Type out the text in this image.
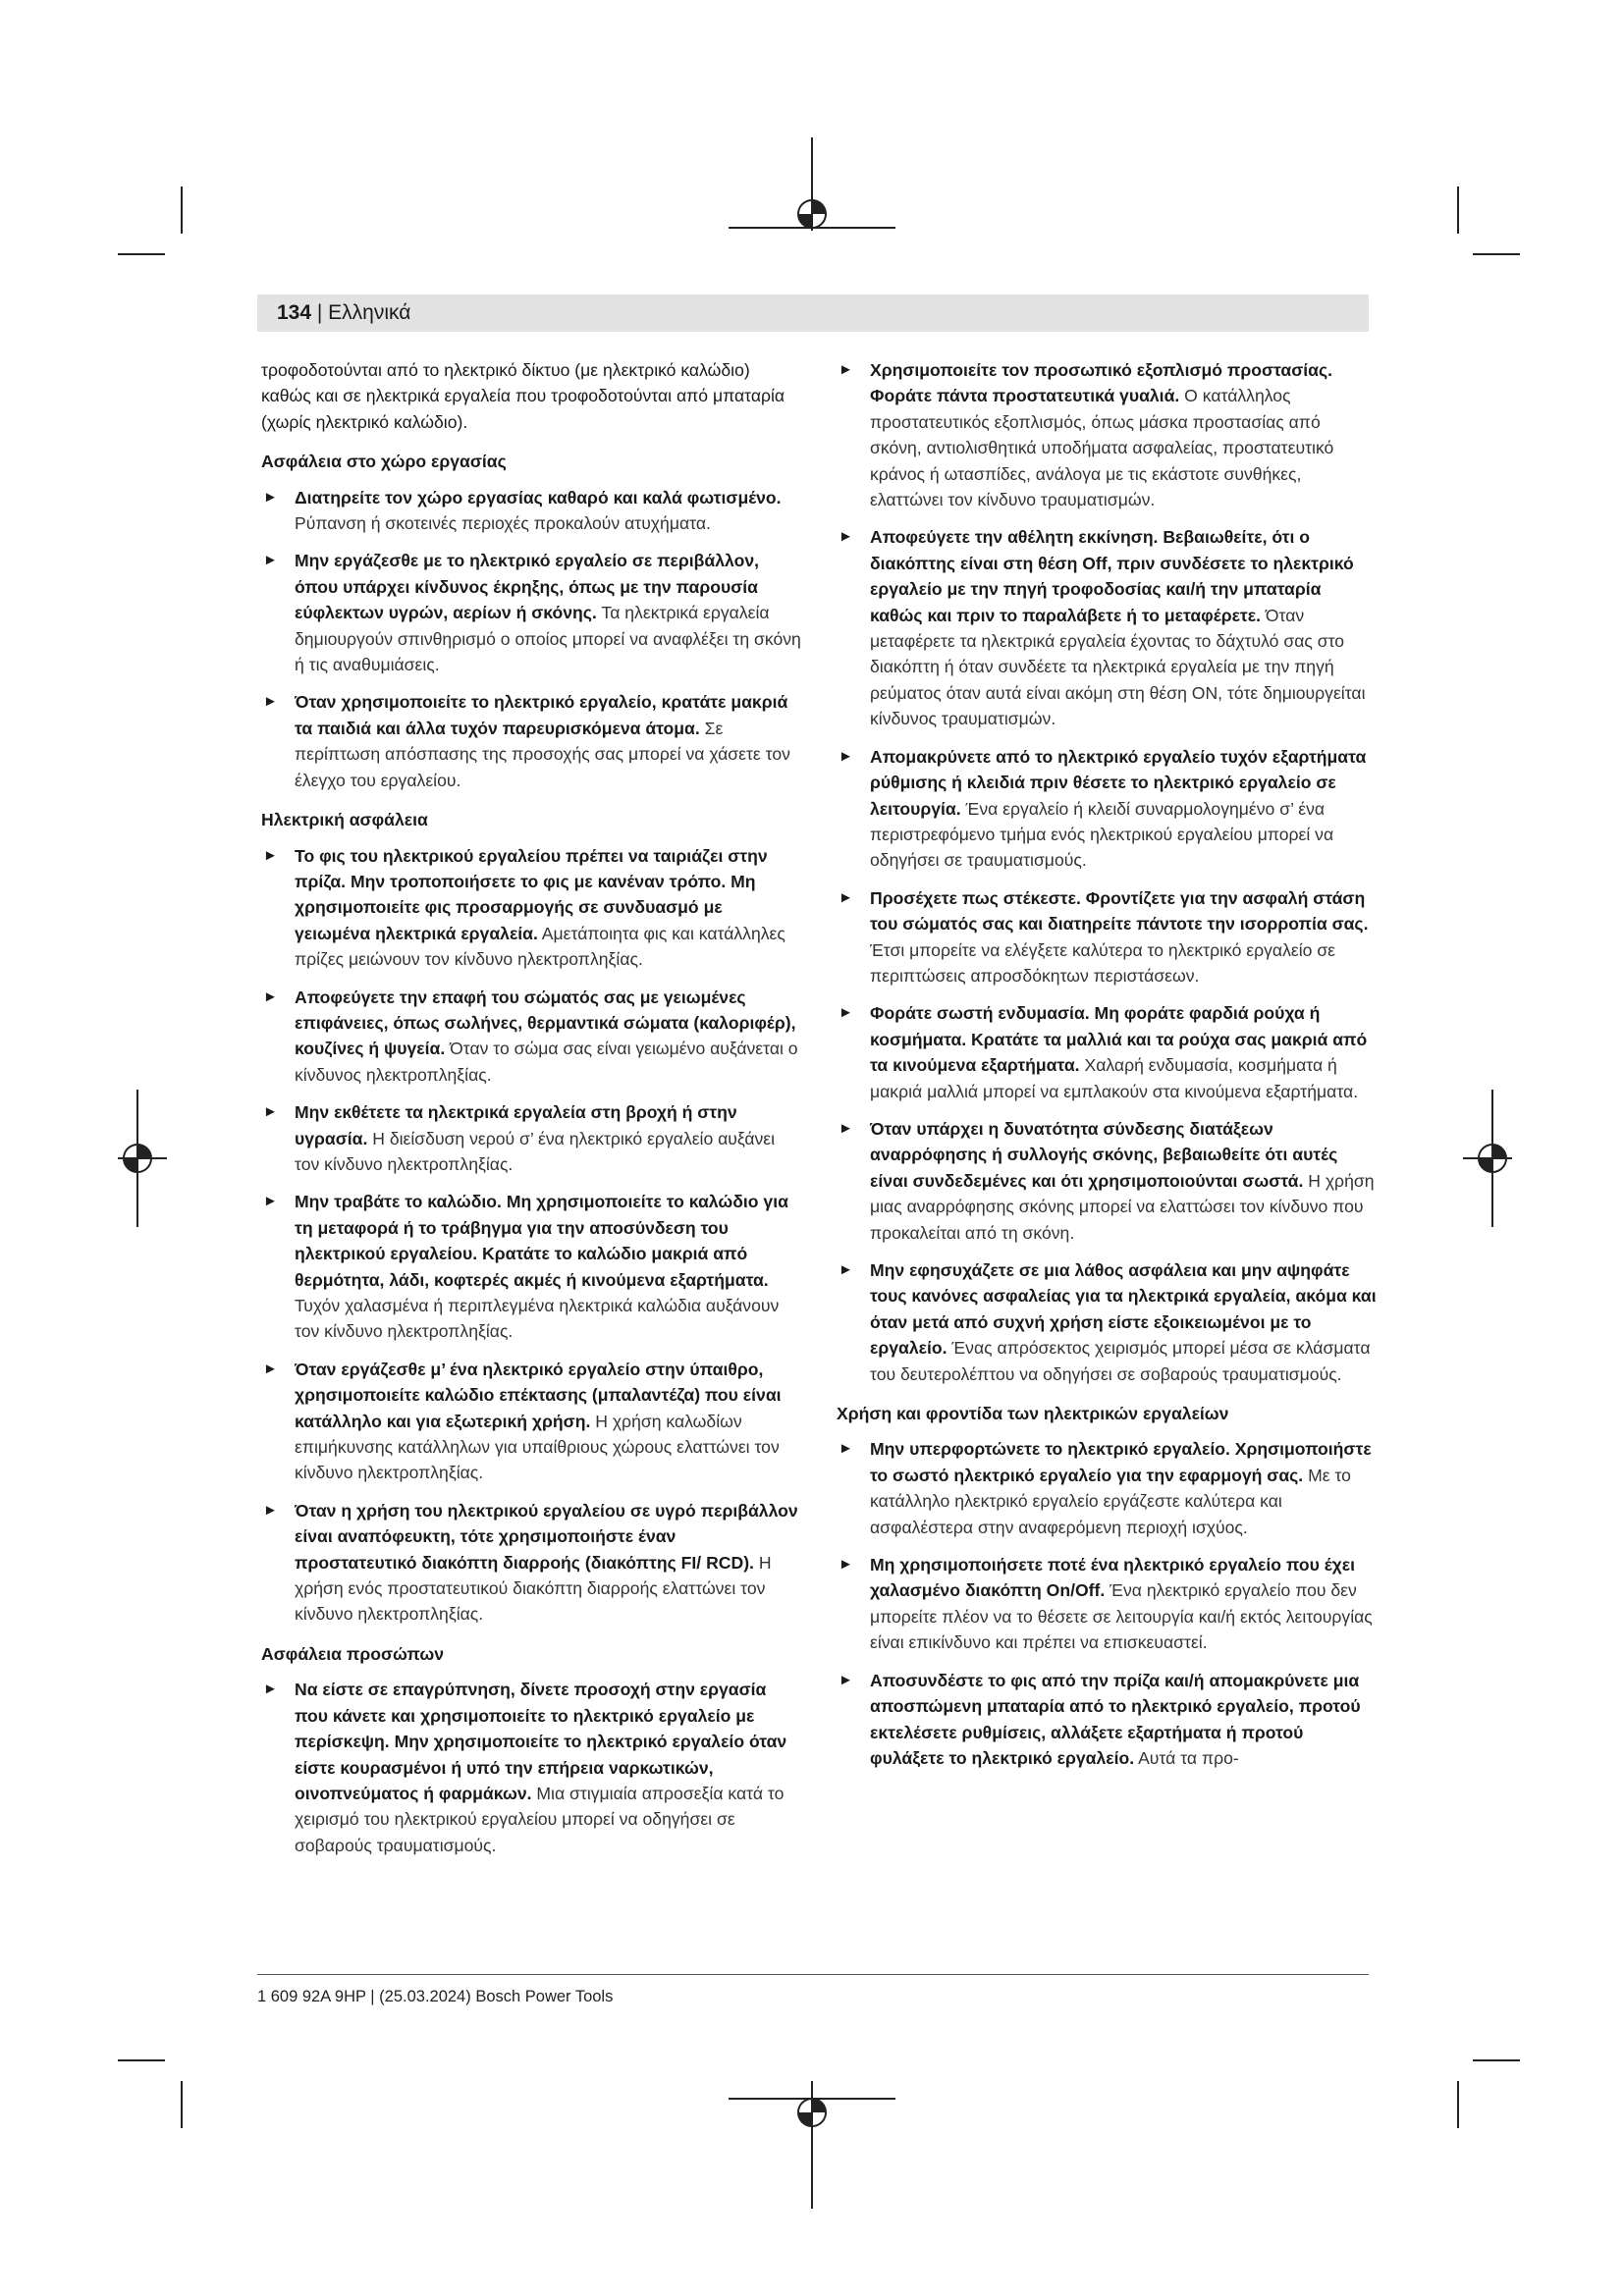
134 | Ελληνικά

τροφοδοτούνται από το ηλεκτρικό δίκτυο (με ηλεκτρικό καλώδιο) καθώς και σε ηλεκτρικά εργαλεία που τροφοδοτούνται από μπαταρία (χωρίς ηλεκτρικό καλώδιο).

Ασφάλεια στο χώρο εργασίας
► Διατηρείτε τον χώρο εργασίας καθαρό και καλά φωτισμένο. Ρύπανση ή σκοτεινές περιοχές προκαλούν ατυχήματα.
► Μην εργάζεσθε με το ηλεκτρικό εργαλείο σε περιβάλλον, όπου υπάρχει κίνδυνος έκρηξης, όπως με την παρουσία εύφλεκτων υγρών, αερίων ή σκόνης. Τα ηλεκτρικά εργαλεία δημιουργούν σπινθηρισμό ο οποίος μπορεί να αναφλέξει τη σκόνη ή τις αναθυμιάσεις.
► Όταν χρησιμοποιείτε το ηλεκτρικό εργαλείο, κρατάτε μακριά τα παιδιά και άλλα τυχόν παρευρισκόμενα άτομα. Σε περίπτωση απόσπασης της προσοχής σας μπορεί να χάσετε τον έλεγχο του εργαλείου.
Ηλεκτρική ασφάλεια
► Το φις του ηλεκτρικού εργαλείου πρέπει να ταιριάζει στην πρίζα. Μην τροποποιήσετε το φις με κανέναν τρόπο. Μη χρησιμοποιείτε φις προσαρμογής σε συνδυασμό με γειωμένα ηλεκτρικά εργαλεία. Αμετάποιητα φις και κατάλληλες πρίζες μειώνουν τον κίνδυνο ηλεκτροπληξίας.
► Αποφεύγετε την επαφή του σώματός σας με γειωμένες επιφάνειες, όπως σωλήνες, θερμαντικά σώματα (καλοριφέρ), κουζίνες ή ψυγεία. Όταν το σώμα σας είναι γειωμένο αυξάνεται ο κίνδυνος ηλεκτροπληξίας.
► Μην εκθέτετε τα ηλεκτρικά εργαλεία στη βροχή ή στην υγρασία. Η διείσδυση νερού σ’ ένα ηλεκτρικό εργαλείο αυξάνει τον κίνδυνο ηλεκτροπληξίας.
► Μην τραβάτε το καλώδιο. Μη χρησιμοποιείτε το καλώδιο για τη μεταφορά ή το τράβηγμα για την αποσύνδεση του ηλεκτρικού εργαλείου. Κρατάτε το καλώδιο μακριά από θερμότητα, λάδι, κοφτερές ακμές ή κινούμενα εξαρτήματα. Τυχόν χαλασμένα ή περιπλεγμένα ηλεκτρικά καλώδια αυξάνουν τον κίνδυνο ηλεκτροπληξίας.
► Όταν εργάζεσθε μ’ ένα ηλεκτρικό εργαλείο στην ύπαιθρο, χρησιμοποιείτε καλώδιο επέκτασης (μπαλαντέζα) που είναι κατάλληλο και για εξωτερική χρήση. Η χρήση καλωδίων επιμήκυνσης κατάλληλων για υπαίθριους χώρους ελαττώνει τον κίνδυνο ηλεκτροπληξίας.
► Όταν η χρήση του ηλεκτρικού εργαλείου σε υγρό περιβάλλον είναι αναπόφευκτη, τότε χρησιμοποιήστε έναν προστατευτικό διακόπτη διαρροής (διακόπτης FI/ RCD). Η χρήση ενός προστατευτικού διακόπτη διαρροής ελαττώνει τον κίνδυνο ηλεκτροπληξίας.
Ασφάλεια προσώπων
► Να είστε σε επαγρύπνηση, δίνετε προσοχή στην εργασία που κάνετε και χρησιμοποιείτε το ηλεκτρικό εργαλείο με περίσκεψη. Μην χρησιμοποιείτε το ηλεκτρικό εργαλείο όταν είστε κουρασμένοι ή υπό την επήρεια ναρκωτικών, οινοπνεύματος ή φαρμάκων. Μια στιγμιαία απροσεξία κατά το χειρισμό του ηλεκτρικού εργαλείου μπορεί να οδηγήσει σε σοβαρούς τραυματισμούς.
► Χρησιμοποιείτε τον προσωπικό εξοπλισμό προστασίας. Φοράτε πάντα προστατευτικά γυαλιά. Ο κατάλληλος προστατευτικός εξοπλισμός, όπως μάσκα προστασίας από σκόνη, αντιολισθητικά υποδήματα ασφαλείας, προστατευτικό κράνος ή ωτασπίδες, ανάλογα με τις εκάστοτε συνθήκες, ελαττώνει τον κίνδυνο τραυματισμών.
► Αποφεύγετε την αθέλητη εκκίνηση. Βεβαιωθείτε, ότι ο διακόπτης είναι στη θέση Off, πριν συνδέσετε το ηλεκτρικό εργαλείο με την πηγή τροφοδοσίας και/ή την μπαταρία καθώς και πριν το παραλάβετε ή το μεταφέρετε. Όταν μεταφέρετε τα ηλεκτρικά εργαλεία έχοντας το δάχτυλό σας στο διακόπτη ή όταν συνδέετε τα ηλεκτρικά εργαλεία με την πηγή ρεύματος όταν αυτά είναι ακόμη στη θέση ON, τότε δημιουργείται κίνδυνος τραυματισμών.
► Απομακρύνετε από το ηλεκτρικό εργαλείο τυχόν εξαρτήματα ρύθμισης ή κλειδιά πριν θέσετε το ηλεκτρικό εργαλείο σε λειτουργία. Ένα εργαλείο ή κλειδί συναρμολογημένο σ’ ένα περιστρεφόμενο τμήμα ενός ηλεκτρικού εργαλείου μπορεί να οδηγήσει σε τραυματισμούς.
► Προσέχετε πως στέκεστε. Φροντίζετε για την ασφαλή στάση του σώματός σας και διατηρείτε πάντοτε την ισορροπία σας. Έτσι μπορείτε να ελέγξετε καλύτερα το ηλεκτρικό εργαλείο σε περιπτώσεις απροσδόκητων περιστάσεων.
► Φοράτε σωστή ενδυμασία. Μη φοράτε φαρδιά ρούχα ή κοσμήματα. Κρατάτε τα μαλλιά και τα ρούχα σας μακριά από τα κινούμενα εξαρτήματα. Χαλαρή ενδυμασία, κοσμήματα ή μακριά μαλλιά μπορεί να εμπλακούν στα κινούμενα εξαρτήματα.
► Όταν υπάρχει η δυνατότητα σύνδεσης διατάξεων αναρρόφησης ή συλλογής σκόνης, βεβαιωθείτε ότι αυτές είναι συνδεδεμένες και ότι χρησιμοποιούνται σωστά. Η χρήση μιας αναρρόφησης σκόνης μπορεί να ελαττώσει τον κίνδυνο που προκαλείται από τη σκόνη.
► Μην εφησυχάζετε σε μια λάθος ασφάλεια και μην αψηφάτε τους κανόνες ασφαλείας για τα ηλεκτρικά εργαλεία, ακόμα και όταν μετά από συχνή χρήση είστε εξοικειωμένοι με το εργαλείο. Ένας απρόσεκτος χειρισμός μπορεί μέσα σε κλάσματα του δευτερολέπτου να οδηγήσει σε σοβαρούς τραυματισμούς.
Χρήση και φροντίδα των ηλεκτρικών εργαλείων
► Μην υπερφορτώνετε το ηλεκτρικό εργαλείο. Χρησιμοποιήστε το σωστό ηλεκτρικό εργαλείο για την εφαρμογή σας. Με το κατάλληλο ηλεκτρικό εργαλείο εργάζεστε καλύτερα και ασφαλέστερα στην αναφερόμενη περιοχή ισχύος.
► Μη χρησιμοποιήσετε ποτέ ένα ηλεκτρικό εργαλείο που έχει χαλασμένο διακόπτη On/Off. Ένα ηλεκτρικό εργαλείο που δεν μπορείτε πλέον να το θέσετε σε λειτουργία και/ή εκτός λειτουργίας είναι επικίνδυνο και πρέπει να επισκευαστεί.
► Αποσυνδέστε το φις από την πρίζα και/ή απομακρύνετε μια αποσπώμενη μπαταρία από το ηλεκτρικό εργαλείο, προτού εκτελέσετε ρυθμίσεις, αλλάξετε εξαρτήματα ή προτού φυλάξετε το ηλεκτρικό εργαλείο. Αυτά τα προ-
1 609 92A 9HP | (25.03.2024) Bosch Power Tools
